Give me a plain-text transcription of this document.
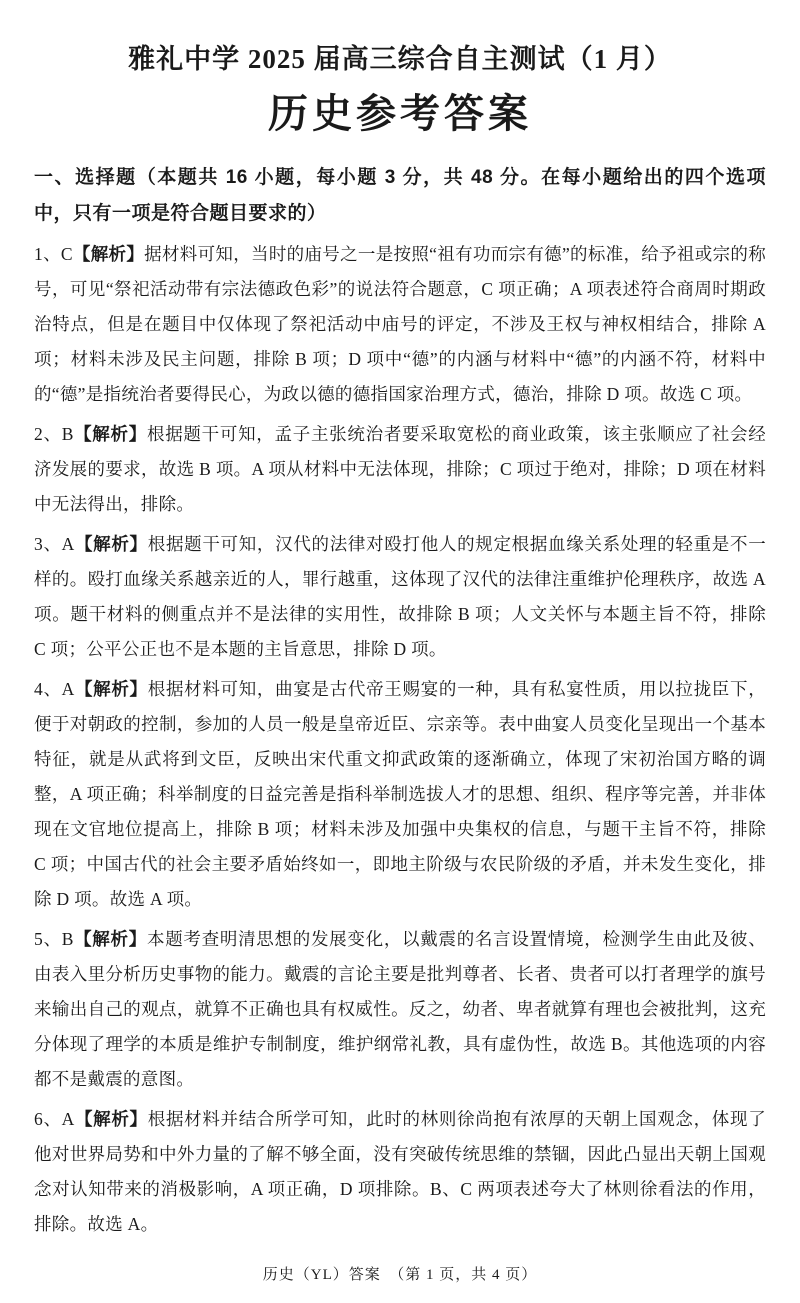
雅礼中学 2025 届高三综合自主测试（1 月）
历史参考答案

一、选择题（本题共 16 小题，每小题 3 分，共 48 分。在每小题给出的四个选项中，只有一项是符合题目要求的）

1、C【解析】据材料可知，当时的庙号之一是按照“祖有功而宗有德”的标准，给予祖或宗的称号，可见“祭祀活动带有宗法德政色彩”的说法符合题意，C 项正确；A 项表述符合商周时期政治特点，但是在题目中仅体现了祭祀活动中庙号的评定，不涉及王权与神权相结合，排除 A 项；材料未涉及民主问题，排除 B 项；D 项中“德”的内涵与材料中“德”的内涵不符，材料中的“德”是指统治者要得民心，为政以德的德指国家治理方式，德治，排除 D 项。故选 C 项。

2、B【解析】根据题干可知，孟子主张统治者要采取宽松的商业政策，该主张顺应了社会经济发展的要求，故选 B 项。A 项从材料中无法体现，排除；C 项过于绝对，排除；D 项在材料中无法得出，排除。

3、A【解析】根据题干可知，汉代的法律对殴打他人的规定根据血缘关系处理的轻重是不一样的。殴打血缘关系越亲近的人，罪行越重，这体现了汉代的法律注重维护伦理秩序，故选 A 项。题干材料的侧重点并不是法律的实用性，故排除 B 项；人文关怀与本题主旨不符，排除 C 项；公平公正也不是本题的主旨意思，排除 D 项。

4、A【解析】根据材料可知，曲宴是古代帝王赐宴的一种，具有私宴性质，用以拉拢臣下，便于对朝政的控制，参加的人员一般是皇帝近臣、宗亲等。表中曲宴人员变化呈现出一个基本特征，就是从武将到文臣，反映出宋代重文抑武政策的逐渐确立，体现了宋初治国方略的调整，A 项正确；科举制度的日益完善是指科举制选拔人才的思想、组织、程序等完善，并非体现在文官地位提高上，排除 B 项；材料未涉及加强中央集权的信息，与题干主旨不符，排除 C 项；中国古代的社会主要矛盾始终如一，即地主阶级与农民阶级的矛盾，并未发生变化，排除 D 项。故选 A 项。

5、B【解析】本题考查明清思想的发展变化，以戴震的名言设置情境，检测学生由此及彼、由表入里分析历史事物的能力。戴震的言论主要是批判尊者、长者、贵者可以打者理学的旗号来输出自己的观点，就算不正确也具有权威性。反之，幼者、卑者就算有理也会被批判，这充分体现了理学的本质是维护专制制度，维护纲常礼教，具有虚伪性，故选 B。其他选项的内容都不是戴震的意图。

6、A【解析】根据材料并结合所学可知，此时的林则徐尚抱有浓厚的天朝上国观念，体现了他对世界局势和中外力量的了解不够全面，没有突破传统思维的禁锢，因此凸显出天朝上国观念对认知带来的消极影响，A 项正确，D 项排除。B、C 两项表述夸大了林则徐看法的作用，排除。故选 A。

历史（YL）答案　（第 1 页，共 4 页）
